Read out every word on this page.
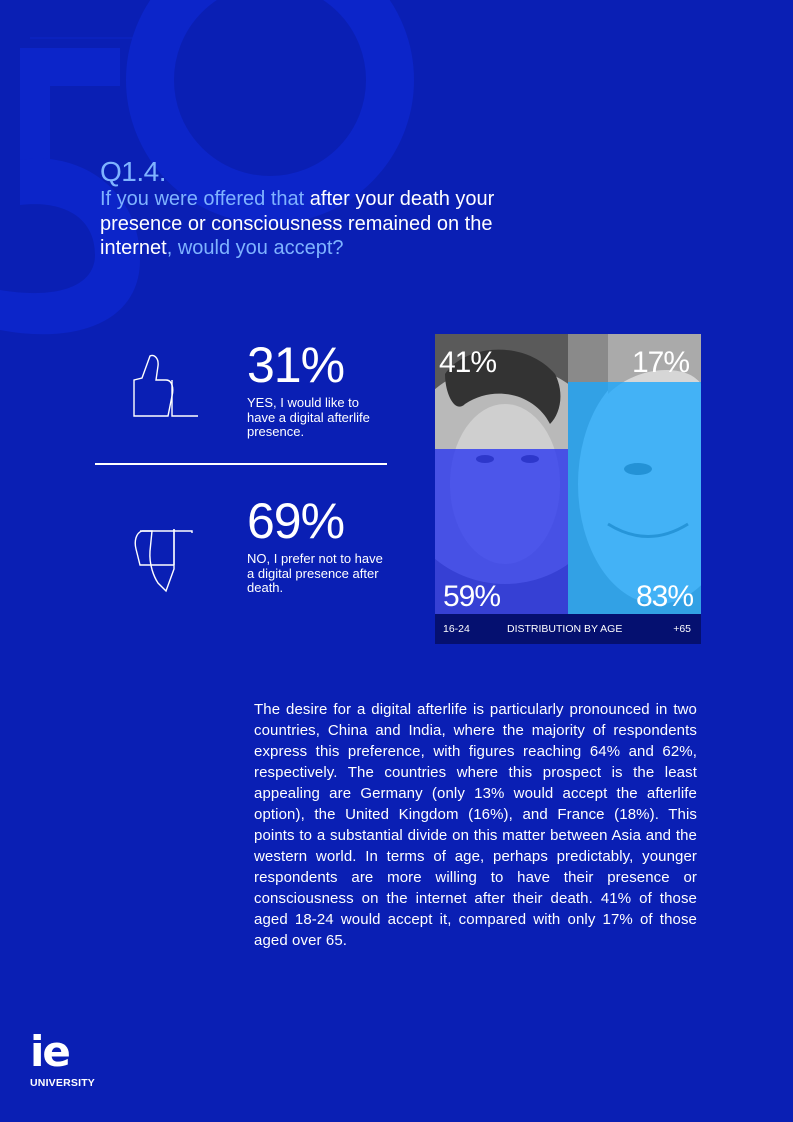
Q1.4.
If you were offered that after your death your presence or consciousness remained on the internet, would you accept?
31%
YES, I would like to have a digital afterlife presence.
69%
NO, I prefer not to have a digital presence after death.
41%	17%
59%	83%
16-24	DISTRIBUTION BY AGE	+65
The desire for a digital afterlife is particularly pronounced in two countries, China and India, where the majority of respondents express this preference, with figures reaching 64% and 62%, respectively. The countries where this prospect is the least appealing are Germany (only 13% would accept the afterlife option), the United Kingdom (16%), and France (18%). This points to a substantial divide on this matter between Asia and the western world. In terms of age, perhaps predictably, younger respondents are more willing to have their presence or consciousness on the internet after their death. 41% of those aged 18-24 would accept it, compared with only 17% of those aged over 65.
ie
UNIVERSITY
